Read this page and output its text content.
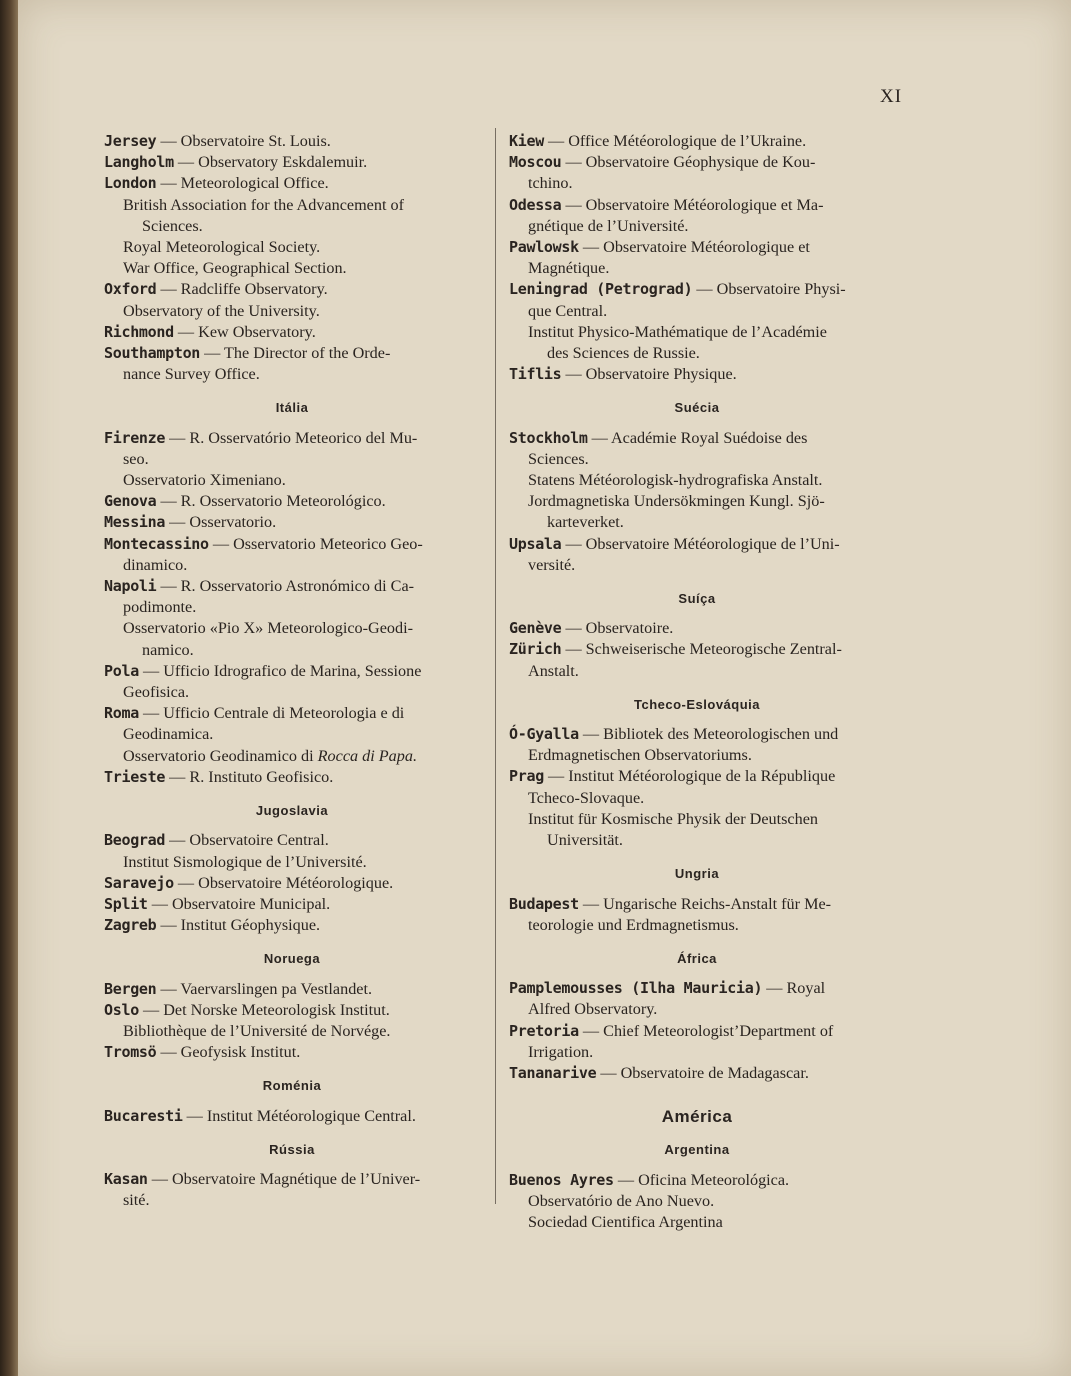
XI

Jersey — Observatoire St. Louis.

Langholm — Observatory Eskdalemuir.

London — Meteorological Office.

British Association for the Advancement of
Sciences.

Royal Meteorological Society.

War Office, Geographical Section.

Oxford — Radcliffe Observatory.

Observatory of the University.

Richmond — Kew Observatory.

Southampton — The Director of the Orde-
nance Survey Office.

Itália

Firenze — R. Osservatório Meteorico del Mu-
seo.

Osservatorio Ximeniano.

Genova — R. Osservatorio Meteorológico.

Messina — Osservatorio.

Montecassino — Osservatorio Meteorico Geo-
dinamico.

Napoli — R. Osservatorio Astronómico di Ca-
podimonte.

Osservatorio «Pio X» Meteorologico-Geodi-
namico.

Pola — Ufficio Idrografico de Marina, Sessione
Geofisica.

Roma — Ufficio Centrale di Meteorologia e di
Geodinamica.

Osservatorio Geodinamico di Rocca di Papa.

Trieste — R. Instituto Geofisico.

Jugoslavia

Beograd — Observatoire Central.

Institut Sismologique de l’Université.

Saravejo — Observatoire Météorologique.

Split — Observatoire Municipal.

Zagreb — Institut Géophysique.

Noruega

Bergen — Vaervarslingen pa Vestlandet.

Oslo — Det Norske Meteorologisk Institut.

Bibliothèque de l’Université de Norvége.

Tromsö — Geofysisk Institut.

Roménia

Bucaresti — Institut Météorologique Central.

Rússia

Kasan — Observatoire Magnétique de l’Univer-
sité.

Kiew — Office Météorologique de l’Ukraine.

Moscou — Observatoire Géophysique de Kou-
tchino.

Odessa — Observatoire Météorologique et Ma-
gnétique de l’Université.

Pawlowsk — Observatoire Météorologique et
Magnétique.

Leningrad (Petrograd) — Observatoire Physi-
que Central.

Institut Physico-Mathématique de l’Académie
des Sciences de Russie.

Tiflis — Observatoire Physique.

Suécia

Stockholm — Académie Royal Suédoise des
Sciences.

Statens Météorologisk-hydrografiska Anstalt.

Jordmagnetiska Undersökmingen Kungl. Sjö-
karteverket.

Upsala — Observatoire Météorologique de l’Uni-
versité.

Suíça

Genève — Observatoire.

Zürich — Schweiserische Meteorogische Zentral-
Anstalt.

Tcheco-Eslováquia

Ó-Gyalla — Bibliotek des Meteorologischen und
Erdmagnetischen Observatoriums.

Prag — Institut Météorologique de la République
Tcheco-Slovaque.

Institut für Kosmische Physik der Deutschen
Universität.

Ungria

Budapest — Ungarische Reichs-Anstalt für Me-
teorologie und Erdmagnetismus.

África

Pamplemousses (Ilha Mauricia) — Royal
Alfred Observatory.

Pretoria — Chief Meteorologist’Department of
Irrigation.

Tananarive — Observatoire de Madagascar.

América
Argentina

Buenos Ayres — Oficina Meteorológica.

Observatório de Ano Nuevo.

Sociedad Cientifica Argentina
